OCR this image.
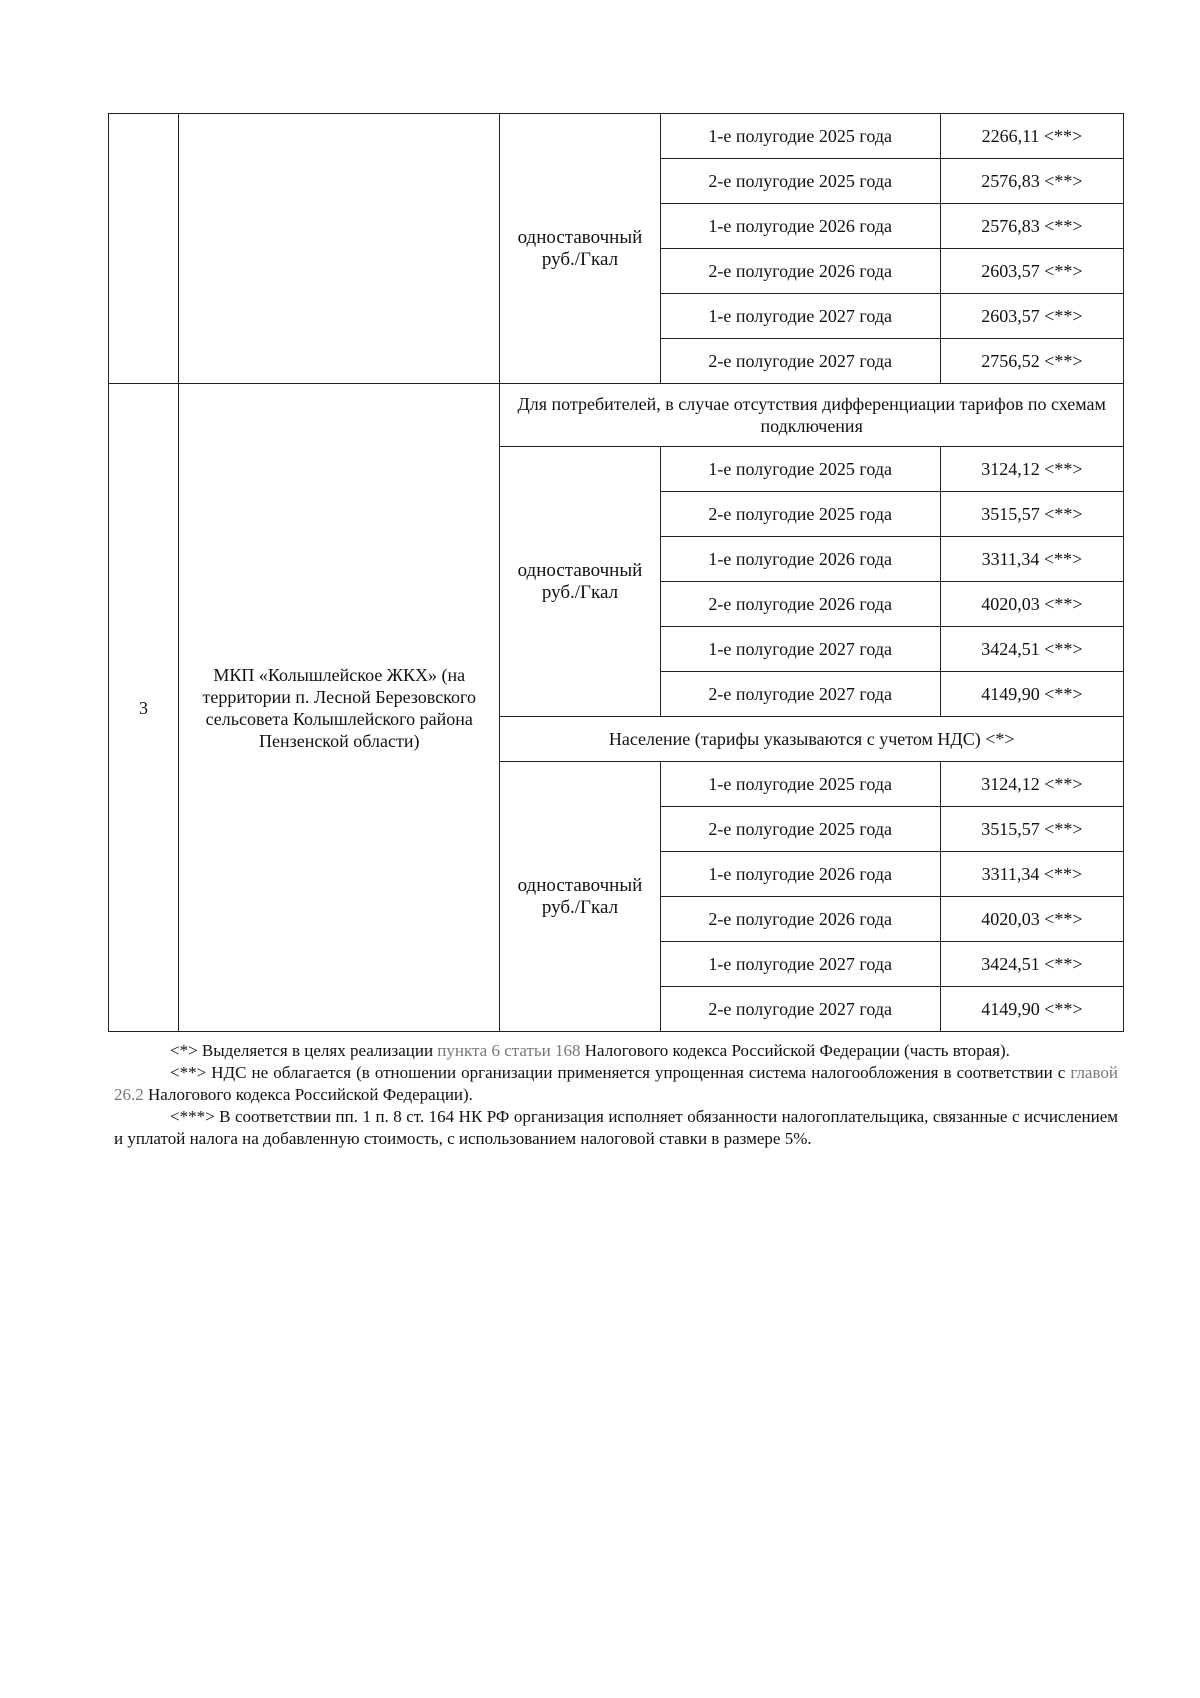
		одноставочный руб./Гкал	1-е полугодие 2025 года	2266,11 <**>
			2-е полугодие 2025 года	2576,83 <**>
			1-е полугодие 2026 года	2576,83 <**>
			2-е полугодие 2026 года	2603,57 <**>
			1-е полугодие 2027 года	2603,57 <**>
			2-е полугодие 2027 года	2756,52 <**>
3	МКП «Колышлейское ЖКХ» (на территории п. Лесной Березовского сельсовета Колышлейского района Пензенской области)	Для потребителей, в случае отсутствия дифференциации тарифов по схемам подключения		
		одноставочный руб./Гкал	1-е полугодие 2025 года	3124,12 <**>
			2-е полугодие 2025 года	3515,57 <**>
			1-е полугодие 2026 года	3311,34 <**>
			2-е полугодие 2026 года	4020,03 <**>
			1-е полугодие 2027 года	3424,51 <**>
			2-е полугодие 2027 года	4149,90 <**>
		Население (тарифы указываются с учетом НДС) <*>		
		одноставочный руб./Гкал	1-е полугодие 2025 года	3124,12 <**>
			2-е полугодие 2025 года	3515,57 <**>
			1-е полугодие 2026 года	3311,34 <**>
			2-е полугодие 2026 года	4020,03 <**>
			1-е полугодие 2027 года	3424,51 <**>
			2-е полугодие 2027 года	4149,90 <**>

<*> Выделяется в целях реализации пункта 6 статьи 168 Налогового кодекса Российской Федерации (часть вторая).

<**> НДС не облагается (в отношении организации применяется упрощенная система налогообложения в соответствии с главой 26.2 Налогового кодекса Российской Федерации).

<***> В соответствии пп. 1 п. 8 ст. 164 НК РФ организация исполняет обязанности налогоплательщика, связанные с исчислением и уплатой налога на добавленную стоимость, с использованием налоговой ставки в размере 5%.
